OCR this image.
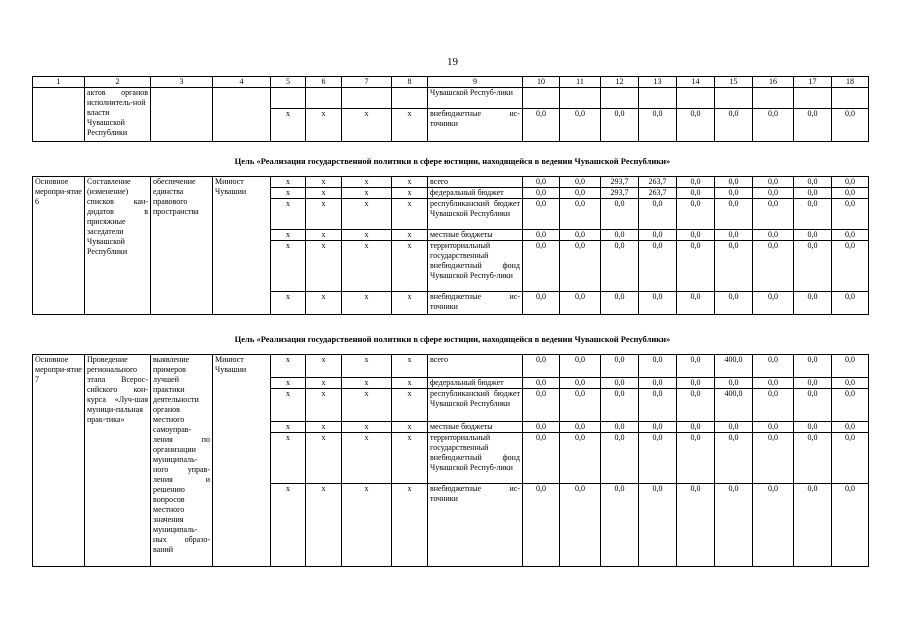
19
1	2	3	4	5	6	7	8	9	10	11	12	13	14	15	16	17	18
	актов органов исполнитель-ной власти Чувашской Республики							Чувашской Респуб-лики									
				х	х	х	х	внебюджетные ис-точники	0,0	0,0	0,0	0,0	0,0	0,0	0,0	0,0	0,0
Цель «Реализация государственной политики в сфере юстиции, находящейся в ведении Чувашской Республики»
Основное меропри-ятие 6	Составление (изменение) списков кан-дидатов в присяжные заседатели Чувашской Республики	обеспечение единства правового пространства	Минюст Чувашии	х	х	х	х	всего	0,0	0,0	293,7	263,7	0,0	0,0	0,0	0,0	0,0
				х	х	х	х	федеральный бюджет	0,0	0,0	293,7	263,7	0,0	0,0	0,0	0,0	0,0
				х	х	х	х	республиканский бюджет Чувашской Республики	0,0	0,0	0,0	0,0	0,0	0,0	0,0	0,0	0,0
				х	х	х	х	местные бюджеты	0,0	0,0	0,0	0,0	0,0	0,0	0,0	0,0	0,0
				х	х	х	х	территориальный государственный внебюджетный фонд Чувашской Респуб-лики	0,0	0,0	0,0	0,0	0,0	0,0	0,0	0,0	0,0
				х	х	х	х	внебюджетные ис-точники	0,0	0,0	0,0	0,0	0,0	0,0	0,0	0,0	0,0
Цель «Реализация государственной политики в сфере юстиции, находящейся в ведении Чувашской Республики»
Основное меропри-ятие 7	Проведение регионального этапа Всерос-сийского кон-курса «Луч-шая муници-пальная прак-тика»	выявление примеров лучшей практики деятельности органов местного самоуправ-ления по организации муниципаль-ного управ-ления и решению вопросов местного значения муниципаль-ных образо-ваний	Минюст Чувашии	х	х	х	х	всего	0,0	0,0	0,0	0,0	0,0	400,0	0,0	0,0	0,0
				х	х	х	х	федеральный бюджет	0,0	0,0	0,0	0,0	0,0	0,0	0,0	0,0	0,0
				х	х	х	х	республиканский бюджет Чувашской Республики	0,0	0,0	0,0	0,0	0,0	400,0	0,0	0,0	0,0
				х	х	х	х	местные бюджеты	0,0	0,0	0,0	0,0	0,0	0,0	0,0	0,0	0,0
				х	х	х	х	территориальный государственный внебюджетный фонд Чувашской Респуб-лики	0,0	0,0	0,0	0,0	0,0	0,0	0,0	0,0	0,0
				х	х	х	х	внебюджетные ис-точники	0,0	0,0	0,0	0,0	0,0	0,0	0,0	0,0	0,0
